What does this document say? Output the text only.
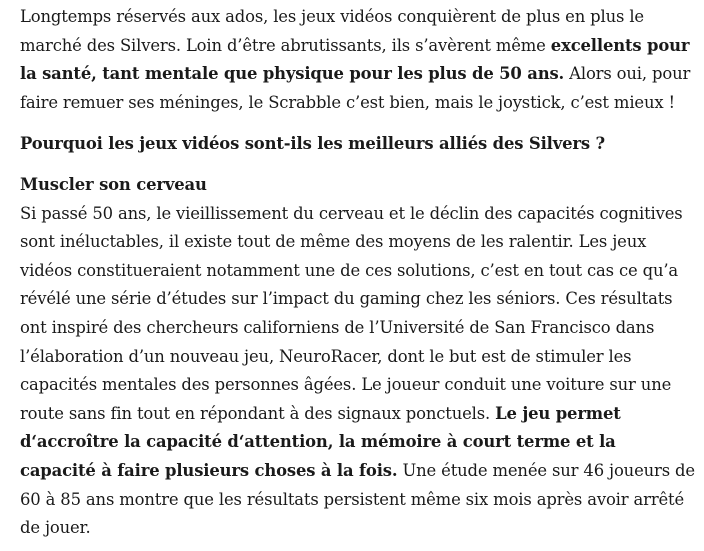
Longtemps réservés aux ados, les jeux vidéos conquièrent de plus en plus le marché des Silvers. Loin d’être abrutissants, ils s’avèrent même excellents pour la santé, tant mentale que physique pour les plus de 50 ans. Alors oui, pour faire remuer ses méninges, le Scrabble c’est bien, mais le joystick, c’est mieux !

Pourquoi les jeux vidéos sont-ils les meilleurs alliés des Silvers ?

Muscler son cerveau

Si passé 50 ans, le vieillissement du cerveau et le déclin des capacités cognitives sont inéluctables, il existe tout de même des moyens de les ralentir. Les jeux vidéos constitueraient notamment une de ces solutions, c’est en tout cas ce qu’a révélé une série d’études sur l’impact du gaming chez les séniors. Ces résultats ont inspiré des chercheurs californiens de l’Université de San Francisco dans l’élaboration d’un nouveau jeu, NeuroRacer, dont le but est de stimuler les capacités mentales des personnes âgées. Le joueur conduit une voiture sur une route sans fin tout en répondant à des signaux ponctuels. Le jeu permet d‘accroître la capacité d‘attention, la mémoire à court terme et la capacité à faire plusieurs choses à la fois. Une étude menée sur 46 joueurs de 60 à 85 ans montre que les résultats persistent même six mois après avoir arrêté de jouer.
